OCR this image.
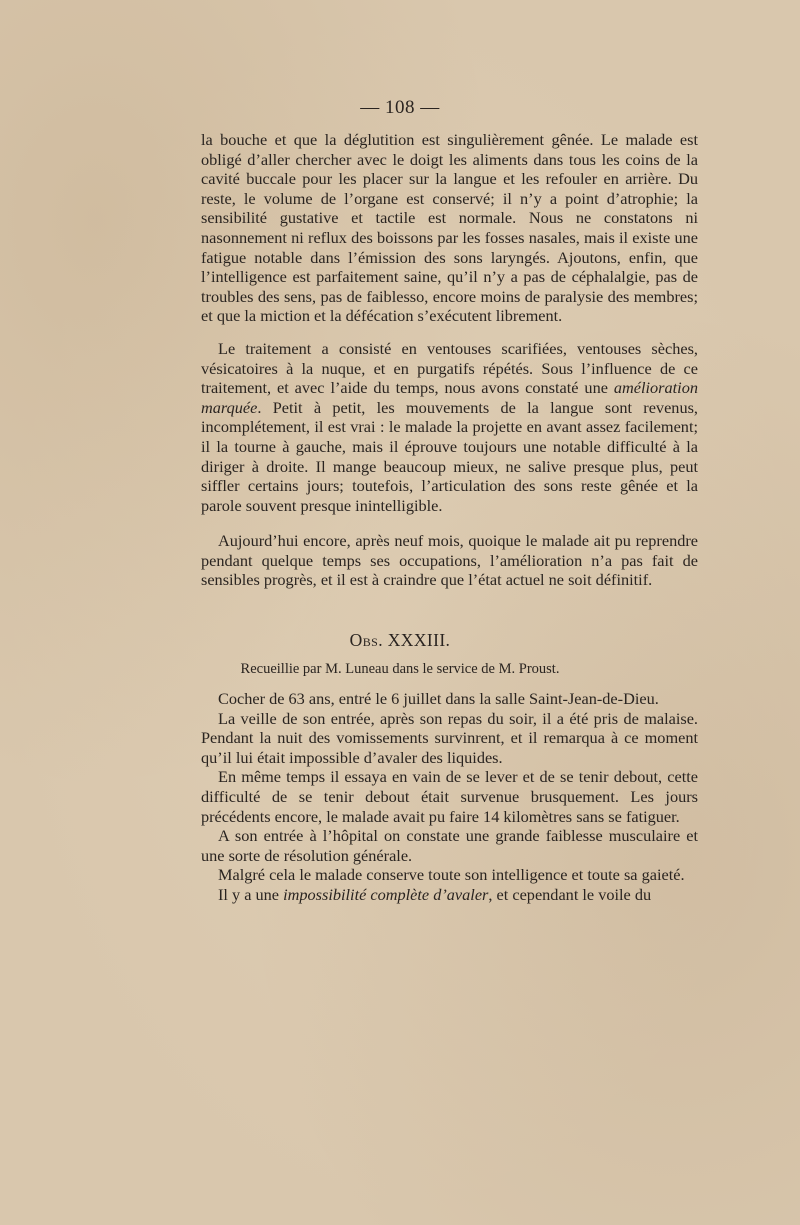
— 108 —

la bouche et que la déglutition est singulièrement gênée. Le malade est obligé d’aller chercher avec le doigt les aliments dans tous les coins de la cavité buccale pour les placer sur la langue et les refouler en arrière. Du reste, le volume de l’organe est conservé; il n’y a point d’atrophie; la sensibilité gustative et tactile est normale. Nous ne constatons ni nasonnement ni reflux des boissons par les fosses nasales, mais il existe une fatigue notable dans l’émission des sons laryngés. Ajoutons, enfin, que l’intelligence est parfaitement saine, qu’il n’y a pas de céphalalgie, pas de troubles des sens, pas de faiblesso, encore moins de paralysie des membres; et que la miction et la défécation s’exécutent librement.

Le traitement a consisté en ventouses scarifiées, ventouses sèches, vésicatoires à la nuque, et en purgatifs répétés. Sous l’influence de ce traitement, et avec l’aide du temps, nous avons constaté une amélioration marquée. Petit à petit, les mouvements de la langue sont revenus, incomplétement, il est vrai : le malade la projette en avant assez facilement; il la tourne à gauche, mais il éprouve toujours une notable difficulté à la diriger à droite. Il mange beaucoup mieux, ne salive presque plus, peut siffler certains jours; toutefois, l’articulation des sons reste gênée et la parole souvent presque inintelligible.

Aujourd’hui encore, après neuf mois, quoique le malade ait pu reprendre pendant quelque temps ses occupations, l’amélioration n’a pas fait de sensibles progrès, et il est à craindre que l’état actuel ne soit définitif.

Obs. XXXIII.
Recueillie par M. Luneau dans le service de M. Proust.

Cocher de 63 ans, entré le 6 juillet dans la salle Saint-Jean-de-Dieu.

La veille de son entrée, après son repas du soir, il a été pris de malaise. Pendant la nuit des vomissements survinrent, et il remarqua à ce moment qu’il lui était impossible d’avaler des liquides.

En même temps il essaya en vain de se lever et de se tenir debout, cette difficulté de se tenir debout était survenue brusquement. Les jours précédents encore, le malade avait pu faire 14 kilomètres sans se fatiguer.

A son entrée à l’hôpital on constate une grande faiblesse musculaire et une sorte de résolution générale.

Malgré cela le malade conserve toute son intelligence et toute sa gaieté.

Il y a une impossibilité complète d’avaler, et cependant le voile du
